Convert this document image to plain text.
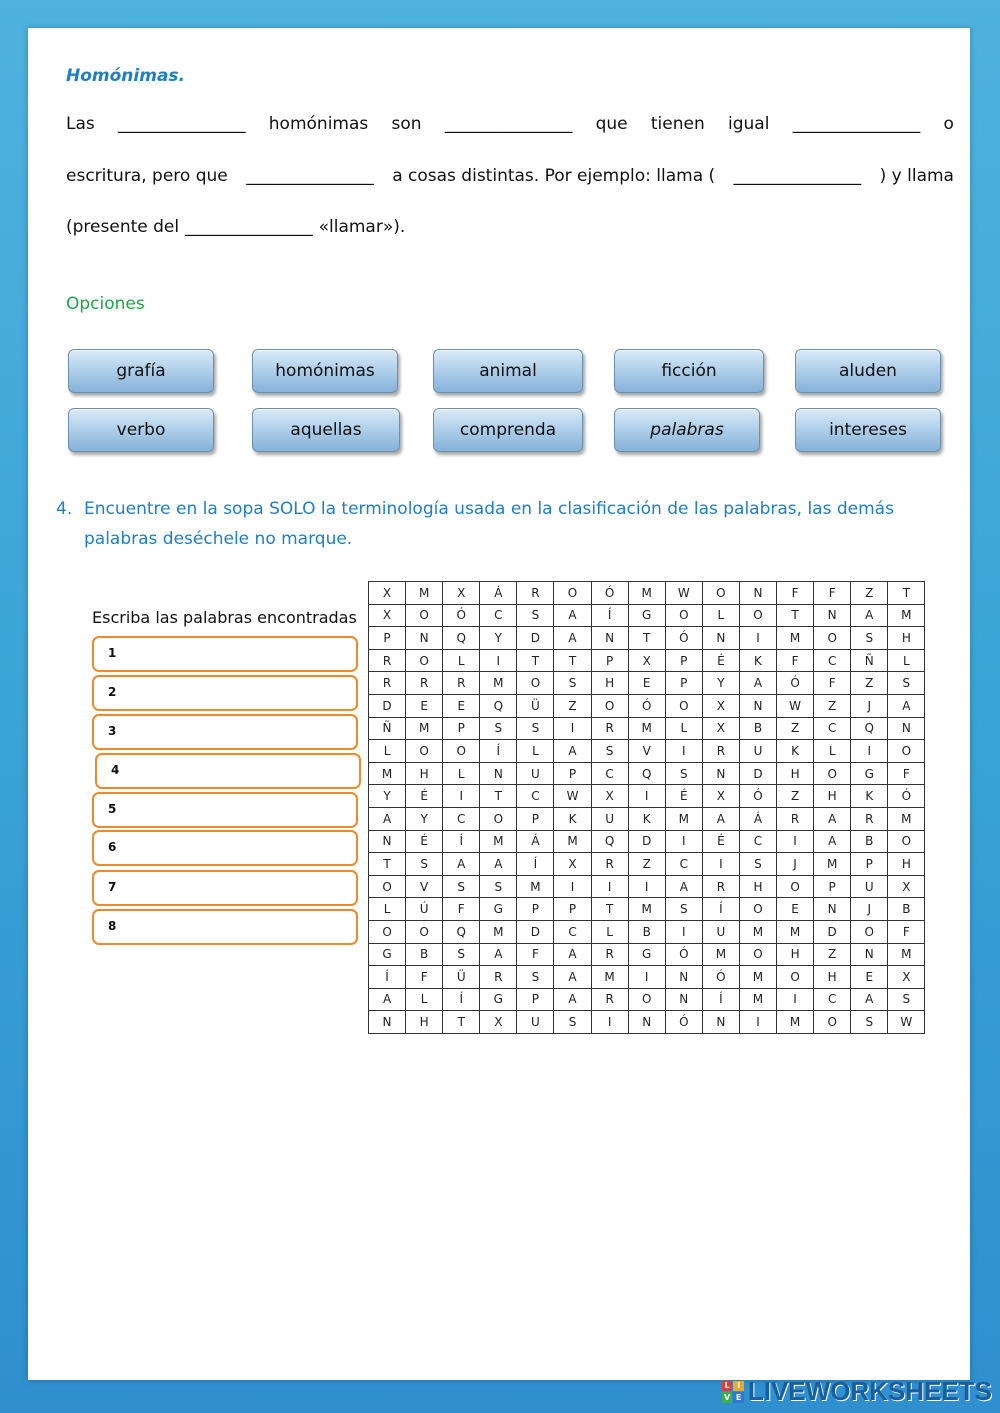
Homónimas.
Las _______________ homónimas son _______________ que tienen igual _______________ o
escritura, pero que _______________ a cosas distintas. Por ejemplo: llama ( _______________ ) y llama
(presente del _______________ «llamar»).
Opciones
grafía	homónimas	animal	ficción	aluden
verbo	aquellas	comprenda	palabras	intereses
4. Encuentre en la sopa SOLO la terminología usada en la clasificación de las palabras, las demás palabras deséchele no marque.
Escriba las palabras encontradas
1
2
3
4
5
6
7
8
X	M	X	Á	R	O	Ó	M	W	O	N	F	F	Z	T
X	O	Ó	C	S	A	Í	G	O	L	O	T	N	A	M
P	N	Q	Y	D	A	N	T	Ó	N	I	M	O	S	H
R	O	L	I	T	T	P	X	P	É	K	F	C	Ñ	L
R	R	R	M	O	S	H	E	P	Y	A	Ó	F	Z	S
D	E	E	Q	Ü	Z	O	Ó	O	X	N	W	Z	J	A
Ñ	M	P	S	S	I	R	M	L	X	B	Z	C	Q	N
L	O	O	Í	L	A	S	V	I	R	U	K	L	I	O
M	H	L	N	U	P	C	Q	S	N	D	H	O	G	F
Y	É	I	T	C	W	X	I	É	X	Ó	Z	H	K	Ó
A	Y	C	O	P	K	U	K	M	A	Á	R	A	R	M
N	É	Í	M	Á	M	Q	D	I	É	C	I	A	B	O
T	S	A	A	Í	X	R	Z	C	I	S	J	M	P	H
O	V	S	S	M	I	I	I	A	R	H	O	P	U	X
L	Ú	F	G	P	P	T	M	S	Í	O	E	N	J	B
O	O	Q	M	D	C	L	B	I	U	M	M	D	O	F
G	B	S	A	F	A	R	G	Ó	M	O	H	Z	N	M
Í	F	Ü	R	S	A	M	I	N	Ó	M	O	H	E	X
A	L	Í	G	P	A	R	O	N	Í	M	I	C	A	S
N	H	T	X	U	S	I	N	Ó	N	I	M	O	S	W
L I
V E LIVEWORKSHEETS
